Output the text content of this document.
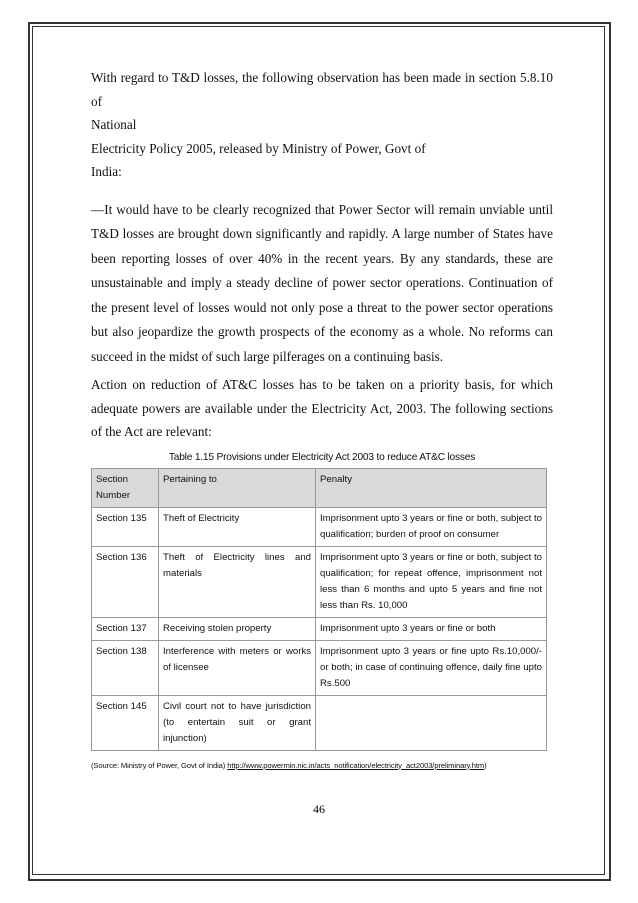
With regard to T&D losses, the following observation has been made in section 5.8.10 of

National

Electricity Policy 2005, released by Ministry of Power, Govt of

India:

―It would have to be clearly recognized that Power Sector will remain unviable until T&D losses are brought down significantly and rapidly. A large number of States have been reporting losses of over 40% in the recent years. By any standards, these are unsustainable and imply a steady decline of power sector operations. Continuation of the present level of losses would not only pose a threat to the power sector operations but also jeopardize the growth prospects of the economy as a whole. No reforms can succeed in the midst of such large pilferages on a continuing basis.

Action on reduction of AT&C losses has to be taken on a priority basis, for which adequate powers are available under the Electricity Act, 2003. The following sections of the Act are relevant:

Table 1.15 Provisions under Electricity Act 2003 to reduce AT&C losses
Section Number	Pertaining to	Penalty
Section 135	Theft of Electricity	Imprisonment upto 3 years or fine or both, subject to qualification; burden of proof on consumer
Section 136	Theft of Electricity lines and materials	Imprisonment upto 3 years or fine or both, subject to qualification; for repeat offence, imprisonment not less than 6 months and upto 5 years and fine not less than Rs. 10,000
Section 137	Receiving stolen property	Imprisonment upto 3 years or fine or both
Section 138	Interference with meters or works of licensee	Imprisonment upto 3 years or fine upto Rs.10,000/- or both; in case of continuing offence, daily fine upto Rs.500
Section 145	Civil court not to have jurisdiction (to entertain suit or grant injunction)	
(Source: Ministry of Power, Govt of India) http://www.powermin.nic.in/acts_notification/electricity_act2003/preliminary.htm)
46
